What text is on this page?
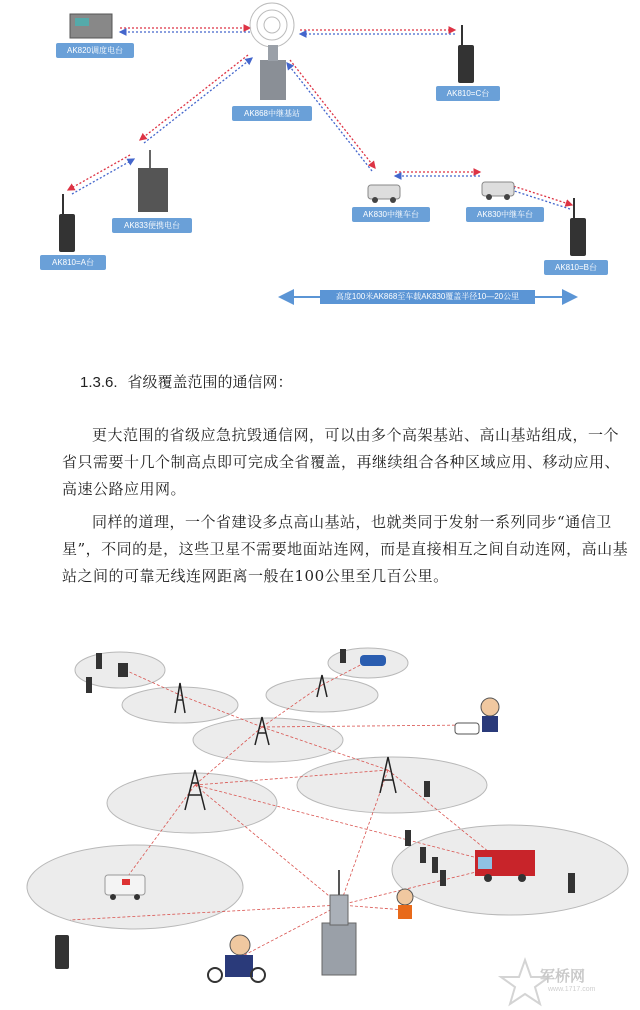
AK820调度电台
AK868中继基站
AK810=C台
AK833便携电台
AK830中继车台	AK830中继车台
AK810=A台
AK810=B台
高度100米AK868至车载AK830覆盖半径10—20公里
1.3.6. 省级覆盖范围的通信网：

更大范围的省级应急抗毁通信网，可以由多个高架基站、高山基站组成，一个省只需要十几个制高点即可完成全省覆盖，再继续组合各种区域应用、移动应用、高速公路应用网。

同样的道理，一个省建设多点高山基站，也就类同于发射一系列同步“通信卫星”，不同的是，这些卫星不需要地面站连网，而是直接相互之间自动连网，高山基站之间的可靠无线连网距离一般在100公里至几百公里。

军桥网
www.1717.com
